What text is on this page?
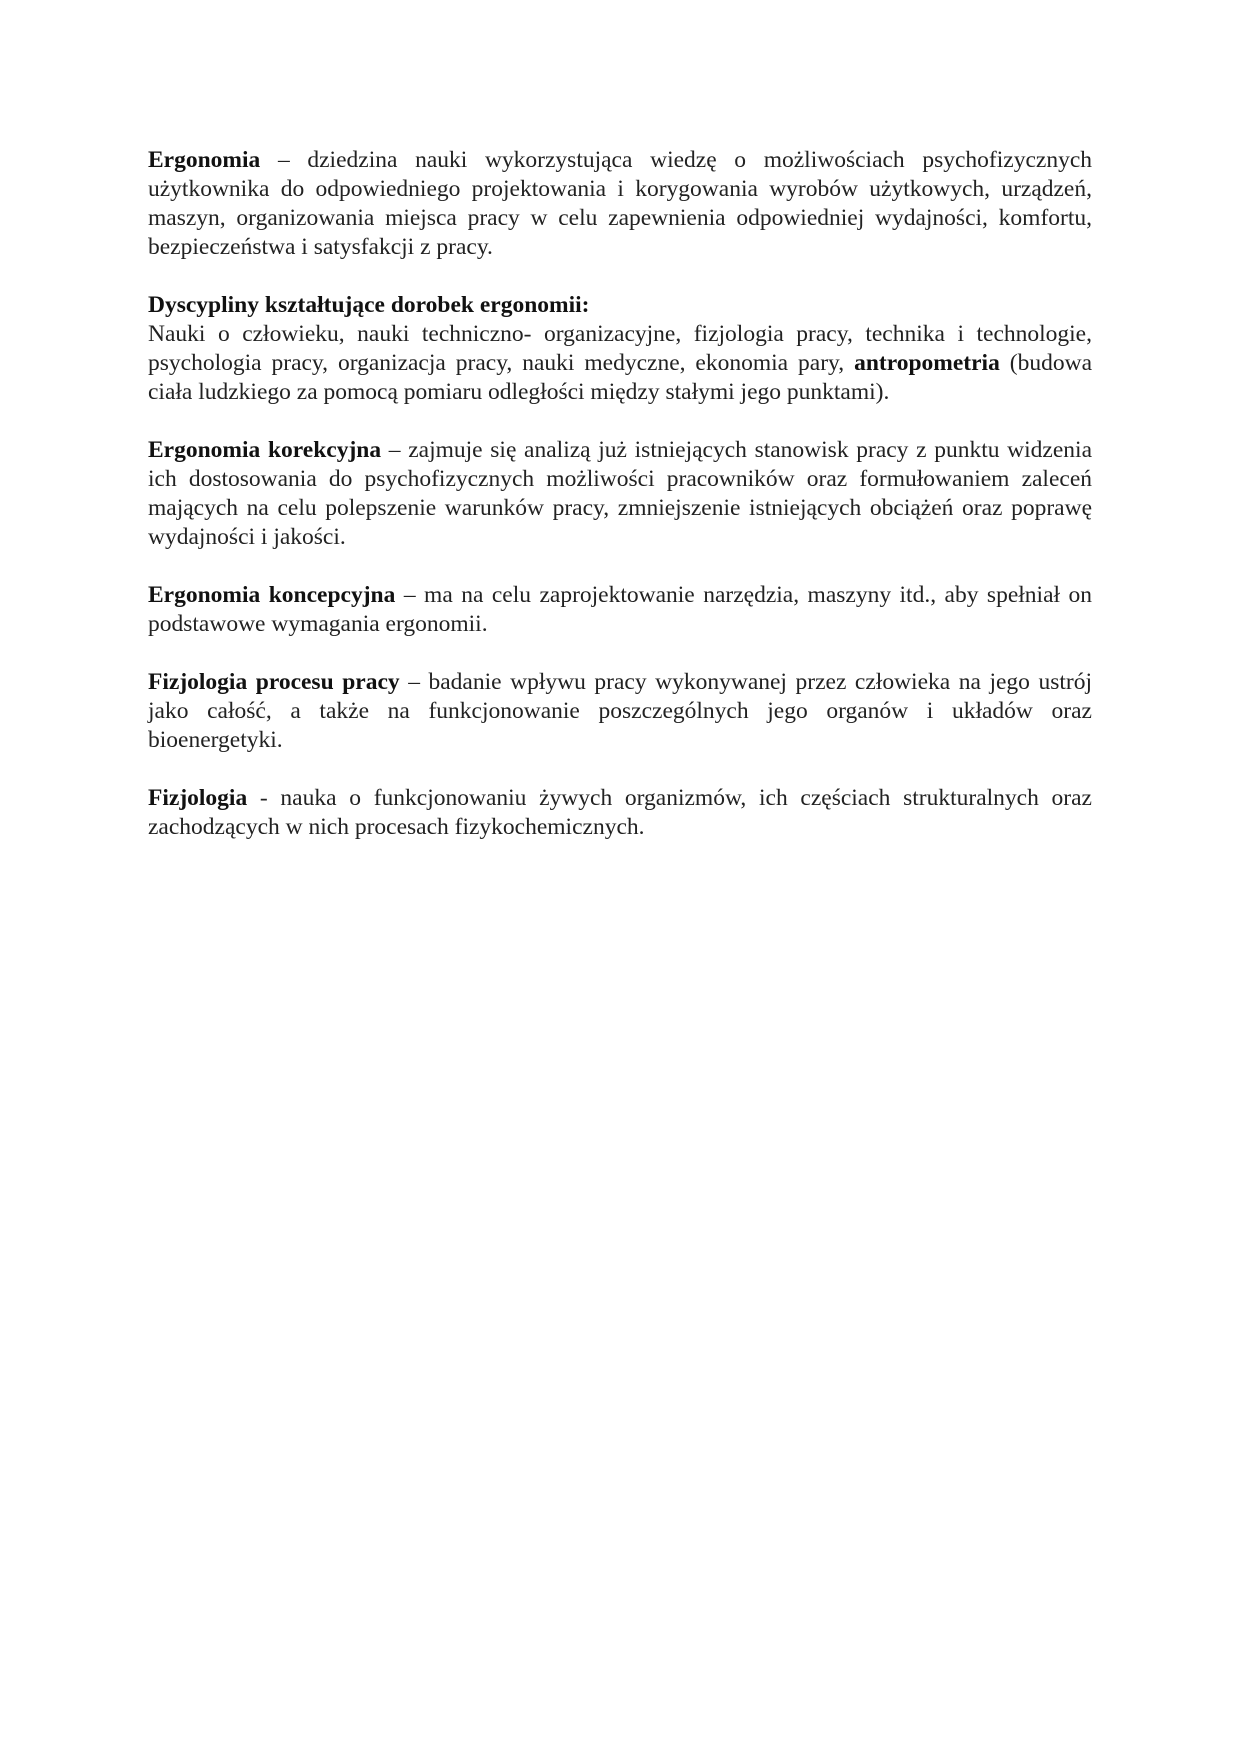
Ergonomia – dziedzina nauki wykorzystująca wiedzę o możliwościach psychofizycznych użytkownika do odpowiedniego projektowania i korygowania wyrobów użytkowych, urządzeń, maszyn, organizowania miejsca pracy w celu zapewnienia odpowiedniej wydajności, komfortu, bezpieczeństwa i satysfakcji z pracy.

Dyscypliny kształtujące dorobek ergonomii:
Nauki o człowieku, nauki techniczno- organizacyjne, fizjologia pracy, technika i technologie, psychologia pracy, organizacja pracy, nauki medyczne, ekonomia pary, antropometria (budowa ciała ludzkiego za pomocą pomiaru odległości między stałymi jego punktami).

Ergonomia korekcyjna – zajmuje się analizą już istniejących stanowisk pracy z punktu widzenia ich dostosowania do psychofizycznych możliwości pracowników oraz formułowaniem zaleceń mających na celu polepszenie warunków pracy, zmniejszenie istniejących obciążeń oraz poprawę wydajności i jakości.

Ergonomia koncepcyjna – ma na celu zaprojektowanie narzędzia, maszyny itd., aby spełniał on podstawowe wymagania ergonomii.

Fizjologia procesu pracy – badanie wpływu pracy wykonywanej przez człowieka na jego ustrój jako całość, a także na funkcjonowanie poszczególnych jego organów i układów oraz bioenergetyki.

Fizjologia - nauka o funkcjonowaniu żywych organizmów, ich częściach strukturalnych oraz zachodzących w nich procesach fizykochemicznych.
